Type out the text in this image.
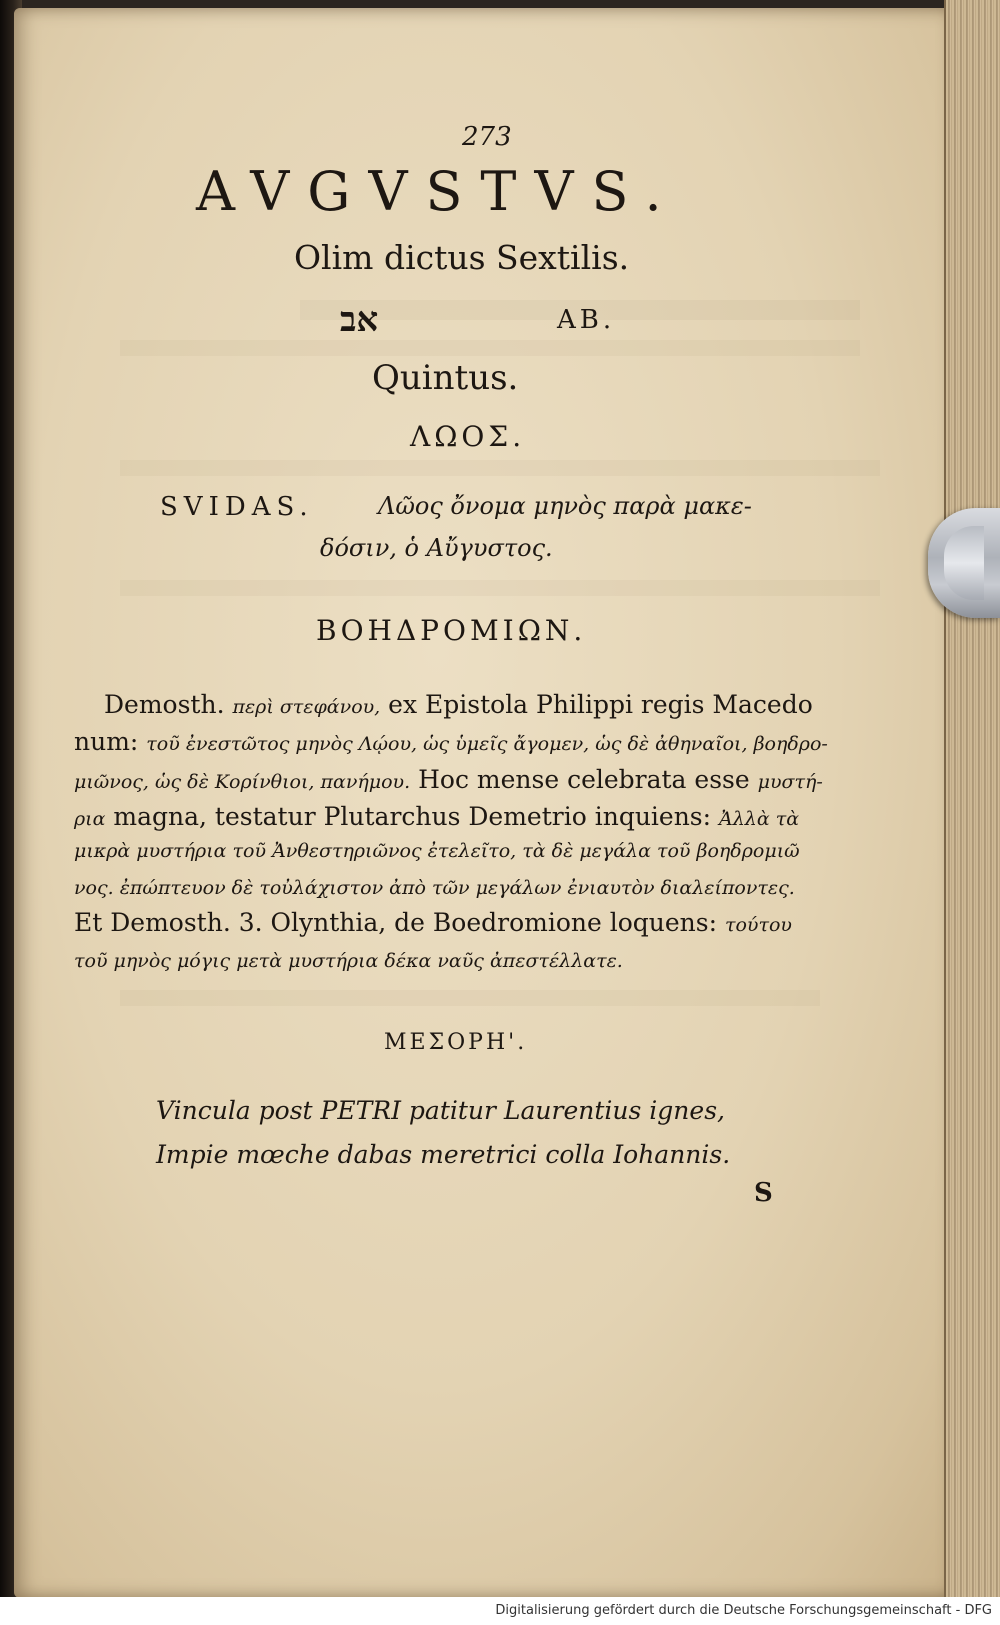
273
AVGVSTVS.
Olim dictus Sextilis.
אב	AB.
Quintus.
ΛΩΟΣ.
SVIDAS.	Λῶος ὄνομα μηνὸς παρὰ μακε-
δόσιν, ὁ Αὔγυστος.
ΒΟΗΔΡΟΜΙΩΝ.
Demosth. περὶ στεφάνου, ex Epistola Philippi regis Macedo
num: τοῦ ἐνεστῶτος μηνὸς Λῴου, ὡς ὑμεῖς ἄγομεν, ὡς δὲ ἀθηναῖοι, βοηδρο-
μιῶνος, ὡς δὲ Κορίνθιοι, πανήμου. Hoc mense celebrata esse μυστή-
ρια magna, testatur Plutarchus Demetrio inquiens: Ἀλλὰ τὰ
μικρὰ μυστήρια τοῦ Ἀνθεστηριῶνος ἐτελεῖτο, τὰ δὲ μεγάλα τοῦ βοηδρομιῶ
νος. ἐπώπτευον δὲ τοὐλάχιστον ἀπὸ τῶν μεγάλων ἐνιαυτὸν διαλείποντες.
Et Demosth. 3. Olynthia, de Boedromione loquens: τούτου
τοῦ μηνὸς μόγις μετὰ μυστήρια δέκα ναῦς ἀπεστέλλατε.
ΜΕΣΟΡΗ'.
Vincula post PETRI patitur Laurentius ignes,
Impie mœche dabas meretrici colla Iohannis.
S
Digitalisierung gefördert durch die Deutsche Forschungsgemeinschaft - DFG
